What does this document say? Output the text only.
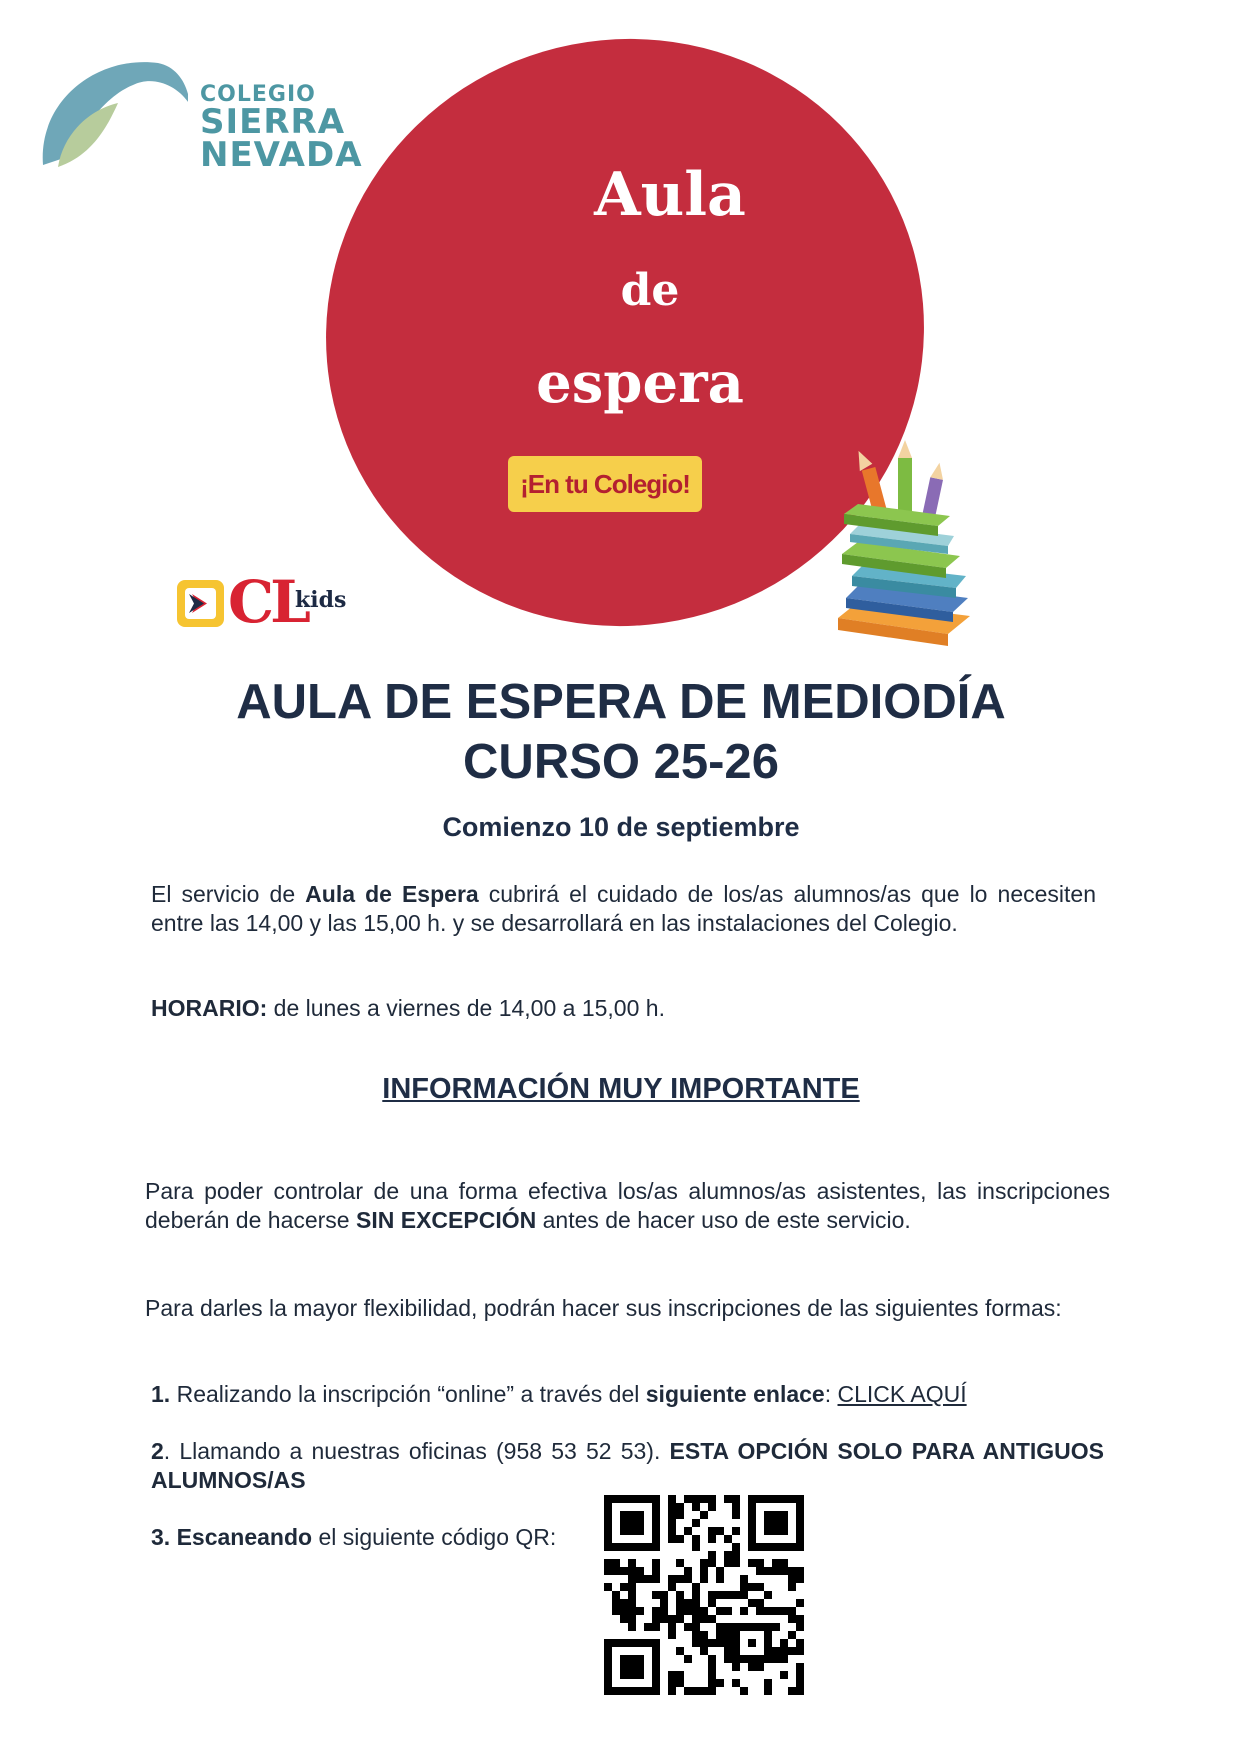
COLEGIO
SIERRA
NEVADA
Aula
de
espera
¡En tu Colegio!
CL
kids
AULA DE ESPERA DE MEDIODÍA
CURSO 25-26
Comienzo 10 de septiembre
El servicio de Aula de Espera cubrirá el cuidado de los/as alumnos/as que lo necesiten entre las 14,00 y las 15,00 h. y se desarrollará en las instalaciones del Colegio.
HORARIO: de lunes a viernes de 14,00 a 15,00 h.
INFORMACIÓN MUY IMPORTANTE
Para poder controlar de una forma efectiva los/as alumnos/as asistentes, las inscripciones deberán de hacerse SIN EXCEPCIÓN antes de hacer uso de este servicio.
Para darles la mayor flexibilidad, podrán hacer sus inscripciones de las siguientes formas:
1. Realizando la inscripción “online” a través del siguiente enlace: CLICK AQUÍ
2. Llamando a nuestras oficinas (958 53 52 53). ESTA OPCIÓN SOLO PARA ANTIGUOS ALUMNOS/AS
3. Escaneando el siguiente código QR:
